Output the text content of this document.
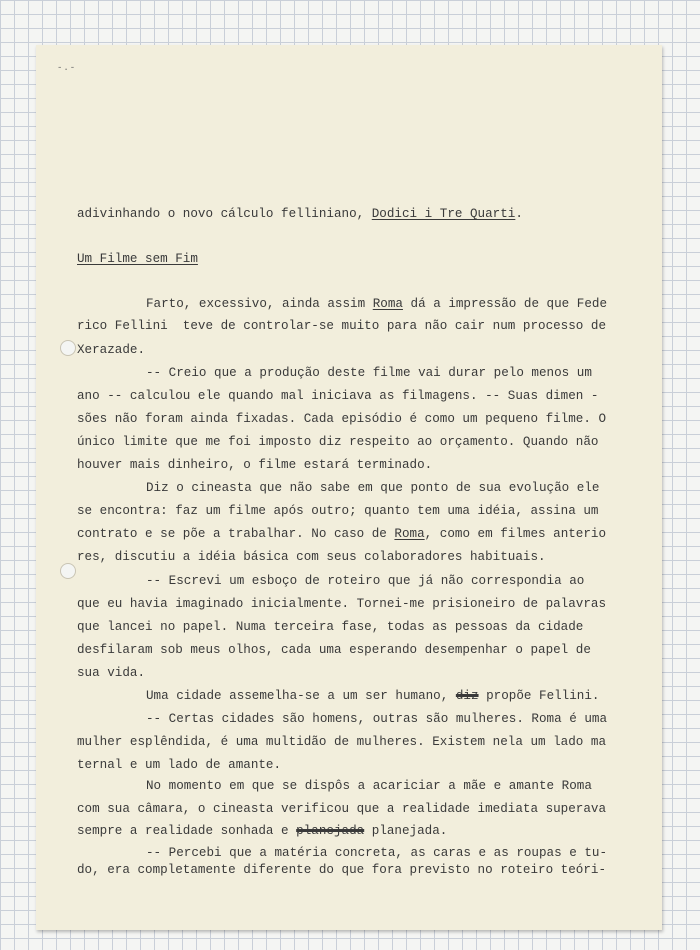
-.-
adivinhando o novo cálculo felliniano, Dodici i Tre Quarti.
Um Filme sem Fim
Farto, excessivo, ainda assim Roma dá a impressão de que Fede
rico Fellini  teve de controlar-se muito para não cair num processo de
Xerazade.
-- Creio que a produção deste filme vai durar pelo menos um
ano -- calculou ele quando mal iniciava as filmagens. -- Suas dimen -
sões não foram ainda fixadas. Cada episódio é como um pequeno filme. O
único limite que me foi imposto diz respeito ao orçamento. Quando não
houver mais dinheiro, o filme estará terminado.
Diz o cineasta que não sabe em que ponto de sua evolução ele
se encontra: faz um filme após outro; quanto tem uma idéia, assina um
contrato e se põe a trabalhar. No caso de Roma, como em filmes anterio
res, discutiu a idéia básica com seus colaboradores habituais.
-- Escrevi um esboço de roteiro que já não correspondia ao
que eu havia imaginado inicialmente. Tornei-me prisioneiro de palavras
que lancei no papel. Numa terceira fase, todas as pessoas da cidade
desfilaram sob meus olhos, cada uma esperando desempenhar o papel de
sua vida.
Uma cidade assemelha-se a um ser humano, diz propõe Fellini.
-- Certas cidades são homens, outras são mulheres. Roma é uma
mulher esplêndida, é uma multidão de mulheres. Existem nela um lado ma
ternal e um lado de amante.
No momento em que se dispôs a acariciar a mãe e amante Roma
com sua câmara, o cineasta verificou que a realidade imediata superava
sempre a realidade sonhada e planejada planejada.
-- Percebi que a matéria concreta, as caras e as roupas e tu-
do, era completamente diferente do que fora previsto no roteiro teóri-
